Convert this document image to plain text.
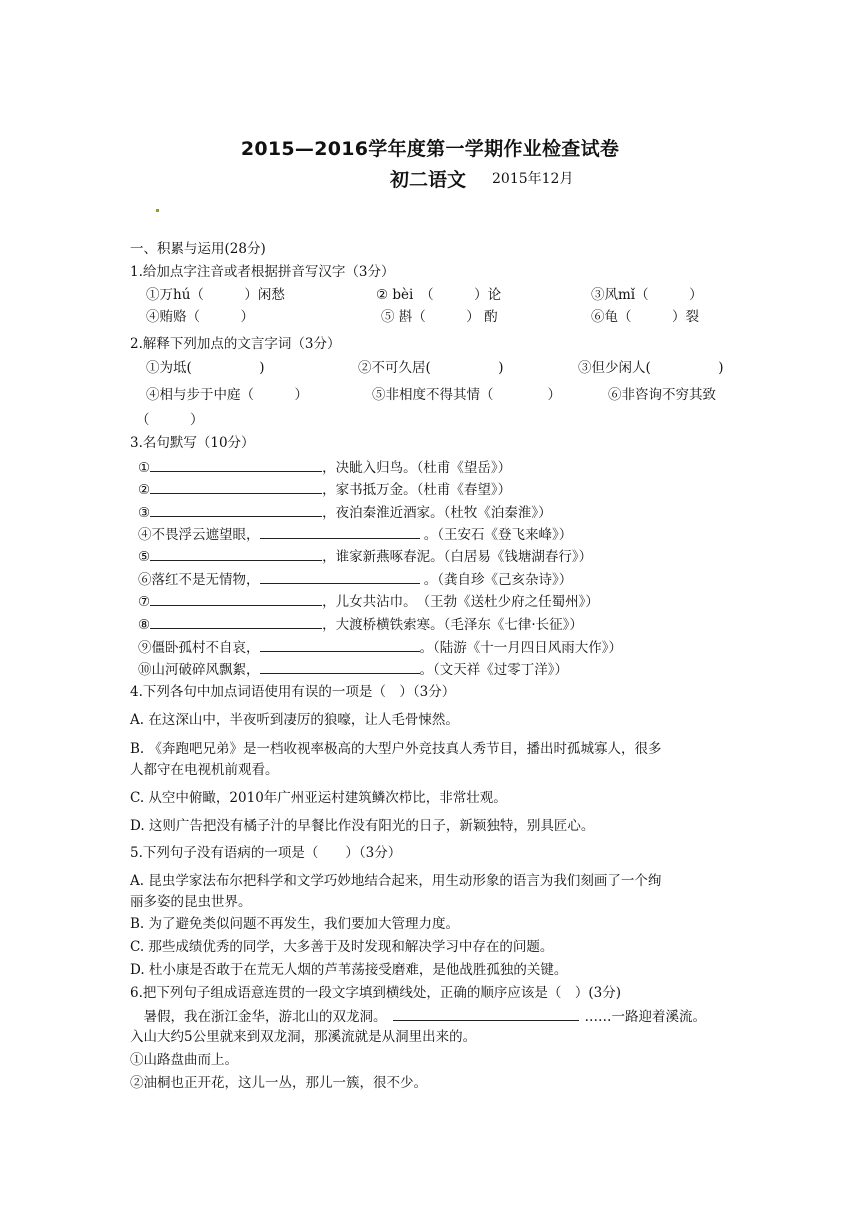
2015—2016学年度第一学期作业检查试卷
初二语文 2015年12月
一、积累与运用(28分)
1.给加点字注音或者根据拼音写汉字（3分）
①万hú（　　　）闲愁	② bèi　（　　　）论	③风mǐ（　　　）
④贿赂（　　　）	⑤ 斟（　　　） 酌	⑥龟（　　　）裂
2.解释下列加点的文言字词（3分）
①为坻(　　　　　)	②不可久居(　　　　　)	③但少闲人(　　　　　)
④相与步于中庭（　　　）	⑤非相度不得其情（　　　　）	⑥非咨询不穷其致
（　　　）
3.名句默写（10分）
①	，决眦入归鸟。（杜甫《望岳》）
②	，家书抵万金。（杜甫《春望》）
③	，夜泊秦淮近酒家。（杜牧《泊秦淮》）
④不畏浮云遮望眼，	。（王安石《登飞来峰》）
⑤	，谁家新燕啄春泥。（白居易《钱塘湖春行》）
⑥落红不是无情物，	。（龚自珍《己亥杂诗》）
⑦	，儿女共沾巾。　（王勃《送杜少府之任蜀州》）
⑧	，大渡桥横铁索寒。（毛泽东《七律·长征》）
⑨僵卧孤村不自哀，	。（陆游《十一月四日风雨大作》）
⑩山河破碎风飘絮，	。（文天祥《过零丁洋》）
4.下列各句中加点词语使用有误的一项是（　）（3分）
A. 在这深山中，半夜听到凄厉的狼嚎，让人毛骨悚然。
B. 《奔跑吧兄弟》是一档收视率极高的大型户外竞技真人秀节目，播出时孤城寡人，很多
人都守在电视机前观看。
C. 从空中俯瞰，2010年广州亚运村建筑鳞次栉比，非常壮观。
D. 这则广告把没有橘子汁的早餐比作没有阳光的日子，新颖独特，别具匠心。
5.下列句子没有语病的一项是（　　）（3分）
A. 昆虫学家法布尔把科学和文学巧妙地结合起来，用生动形象的语言为我们刻画了一个绚
丽多姿的昆虫世界。
B. 为了避免类似问题不再发生，我们要加大管理力度。
C. 那些成绩优秀的同学，大多善于及时发现和解决学习中存在的问题。
D. 杜小康是否敢于在荒无人烟的芦苇荡接受磨难，是他战胜孤独的关键。
6.把下列句子组成语意连贯的一段文字填到横线处，正确的顺序应该是（　）(3分)
　暑假，我在浙江金华，游北山的双龙洞。	……一路迎着溪流。
入山大约5公里就来到双龙洞，那溪流就是从洞里出来的。
①山路盘曲而上。
②油桐也正开花，这儿一丛，那儿一簇，很不少。
